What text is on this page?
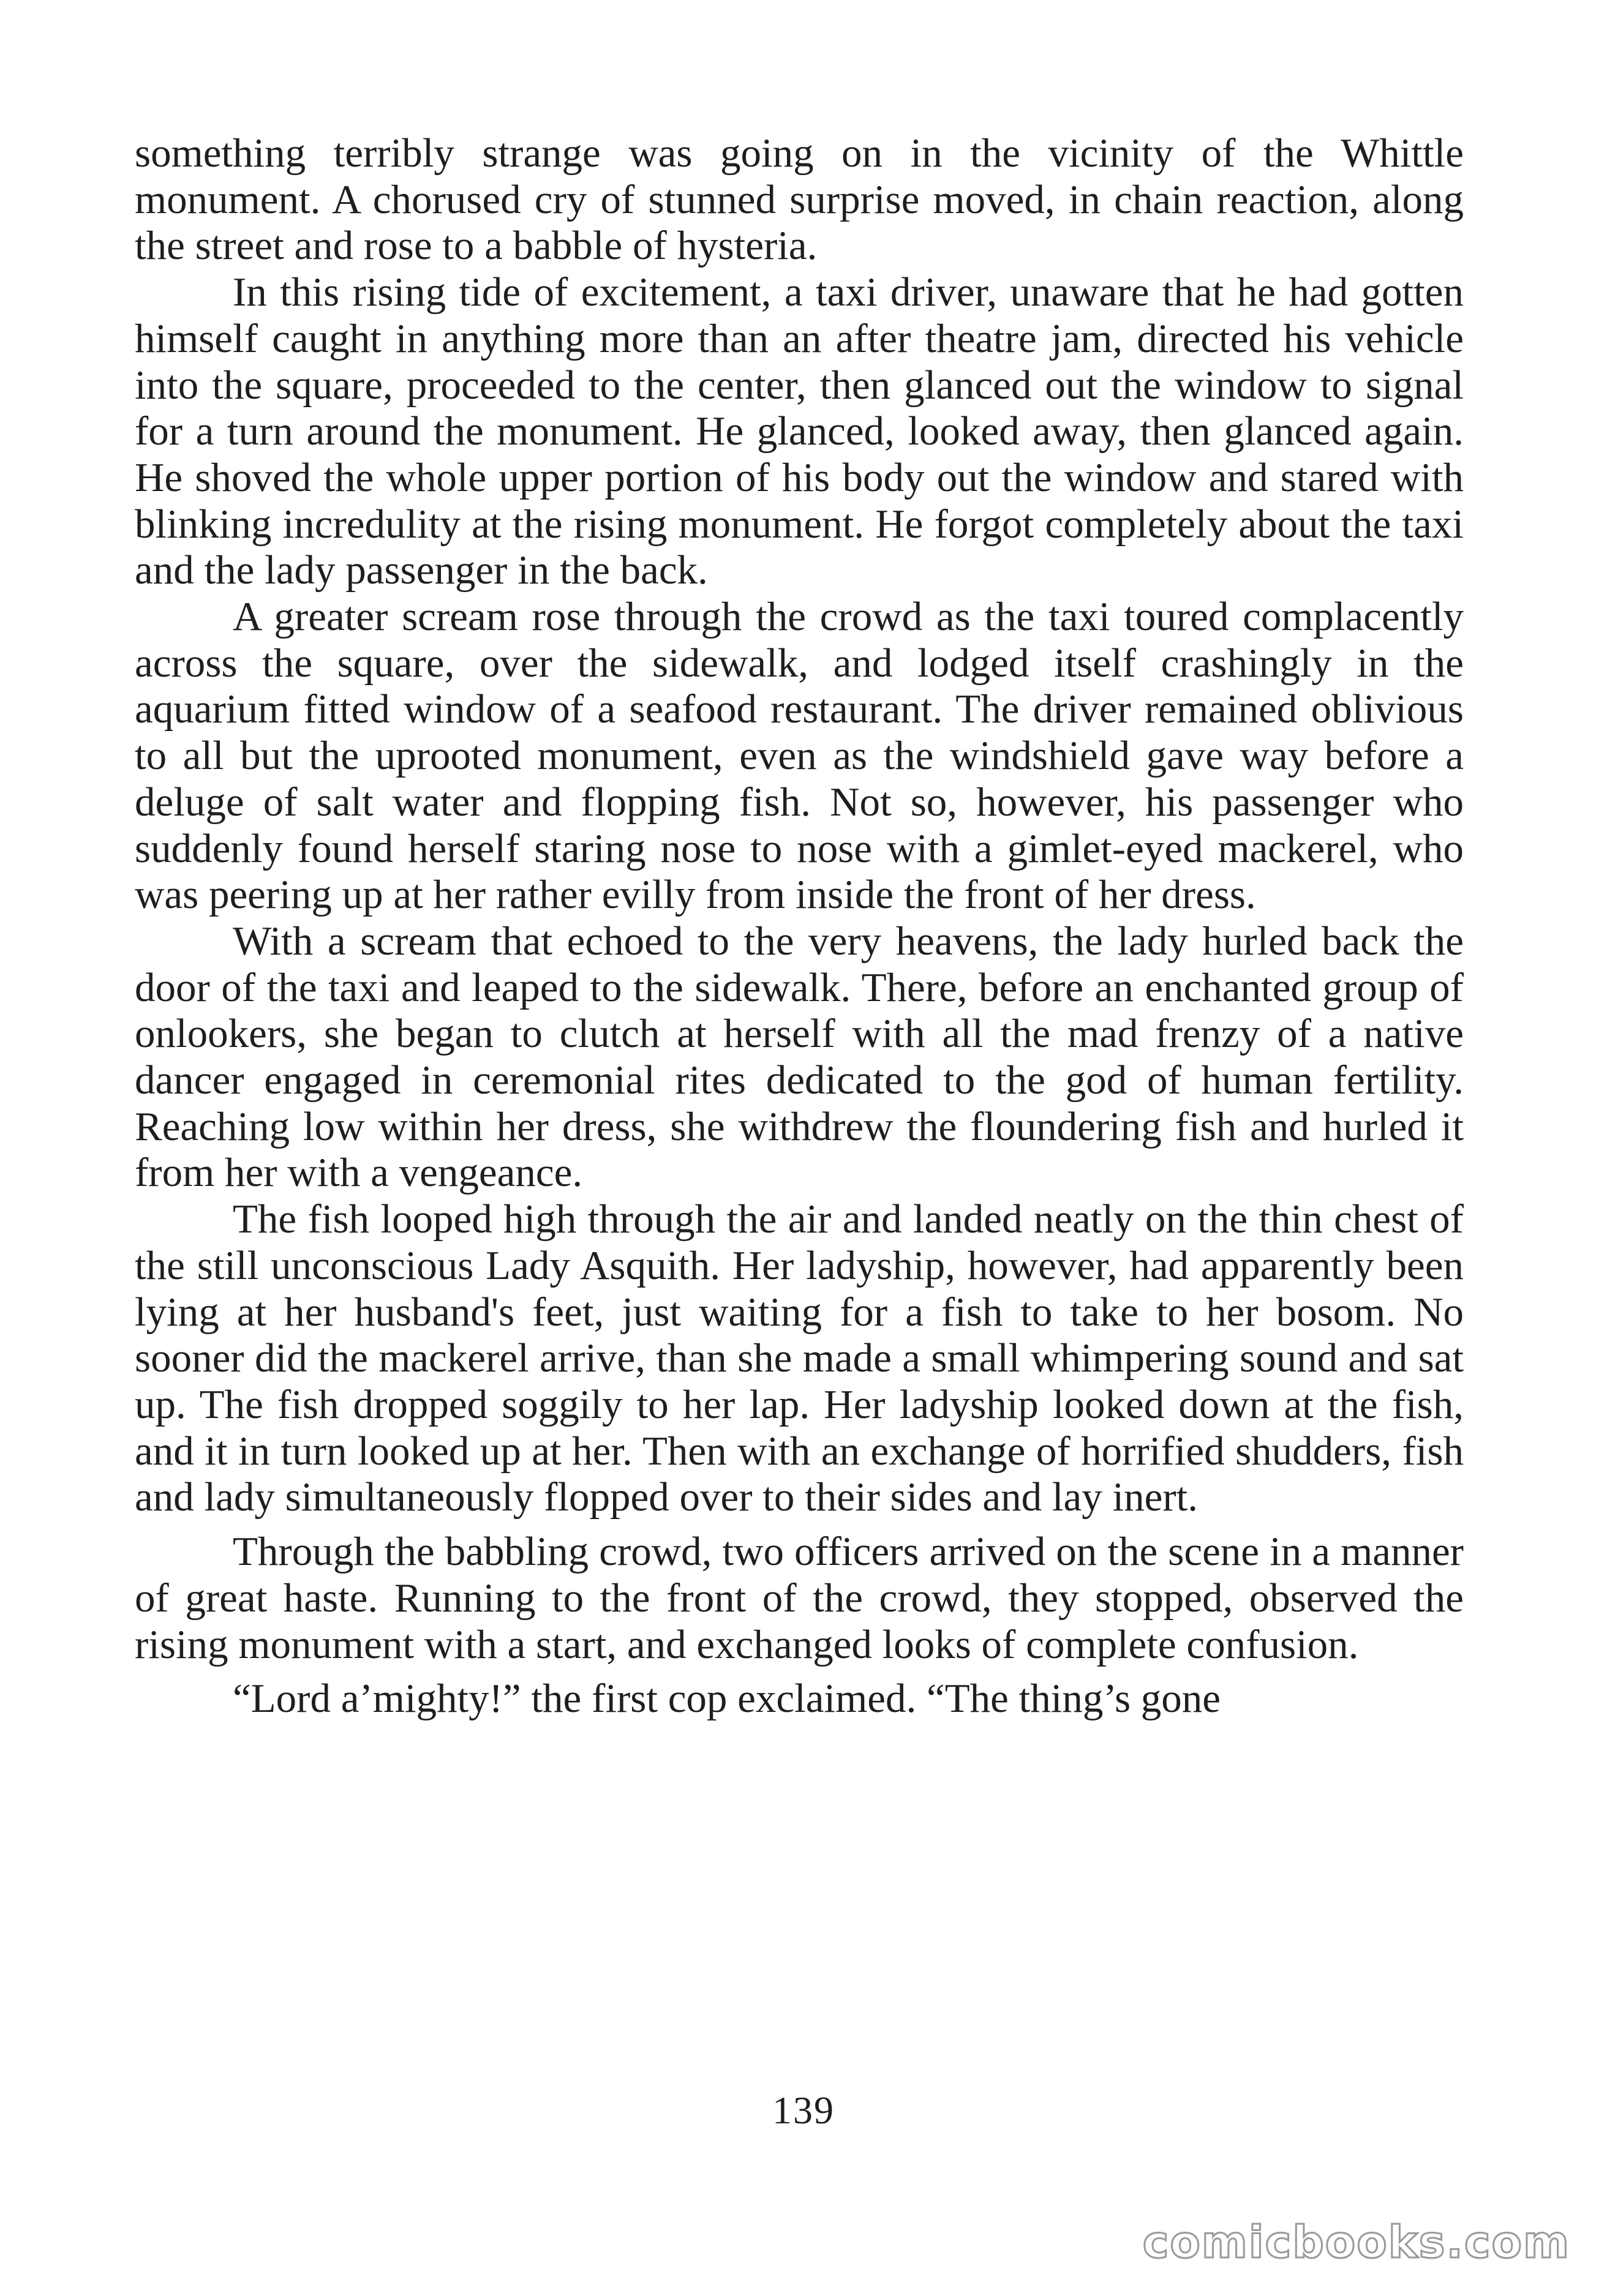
something terribly strange was going on in the vicinity of the Whittle monument. A chorused cry of stunned surprise moved, in chain reaction, along the street and rose to a babble of hysteria.

In this rising tide of excitement, a taxi driver, unaware that he had gotten himself caught in anything more than an after theatre jam, directed his vehicle into the square, proceeded to the center, then glanced out the window to signal for a turn around the monument. He glanced, looked away, then glanced again. He shoved the whole upper portion of his body out the window and stared with blinking incredulity at the rising monument. He forgot completely about the taxi and the lady passenger in the back.

A greater scream rose through the crowd as the taxi toured complacently across the square, over the sidewalk, and lodged itself crashingly in the aquarium fitted window of a seafood restaurant. The driver remained oblivious to all but the uprooted monument, even as the windshield gave way before a deluge of salt water and flopping fish. Not so, however, his passenger who suddenly found herself staring nose to nose with a gimlet-eyed mackerel, who was peering up at her rather evilly from inside the front of her dress.

With a scream that echoed to the very heavens, the lady hurled back the door of the taxi and leaped to the sidewalk. There, before an enchanted group of onlookers, she began to clutch at herself with all the mad frenzy of a native dancer engaged in ceremonial rites dedicated to the god of human fertility. Reaching low within her dress, she withdrew the floundering fish and hurled it from her with a vengeance.

The fish looped high through the air and landed neatly on the thin chest of the still unconscious Lady Asquith. Her ladyship, however, had apparently been lying at her husband's feet, just waiting for a fish to take to her bosom. No sooner did the mackerel arrive, than she made a small whimpering sound and sat up. The fish dropped soggily to her lap. Her ladyship looked down at the fish, and it in turn looked up at her. Then with an exchange of horrified shudders, fish and lady simultaneously flopped over to their sides and lay inert.

Through the babbling crowd, two officers arrived on the scene in a manner of great haste. Running to the front of the crowd, they stopped, observed the rising monument with a start, and exchanged looks of complete confusion.

“Lord a’mighty!” the first cop exclaimed. “The thing’s gone

139
comicbooks.com
